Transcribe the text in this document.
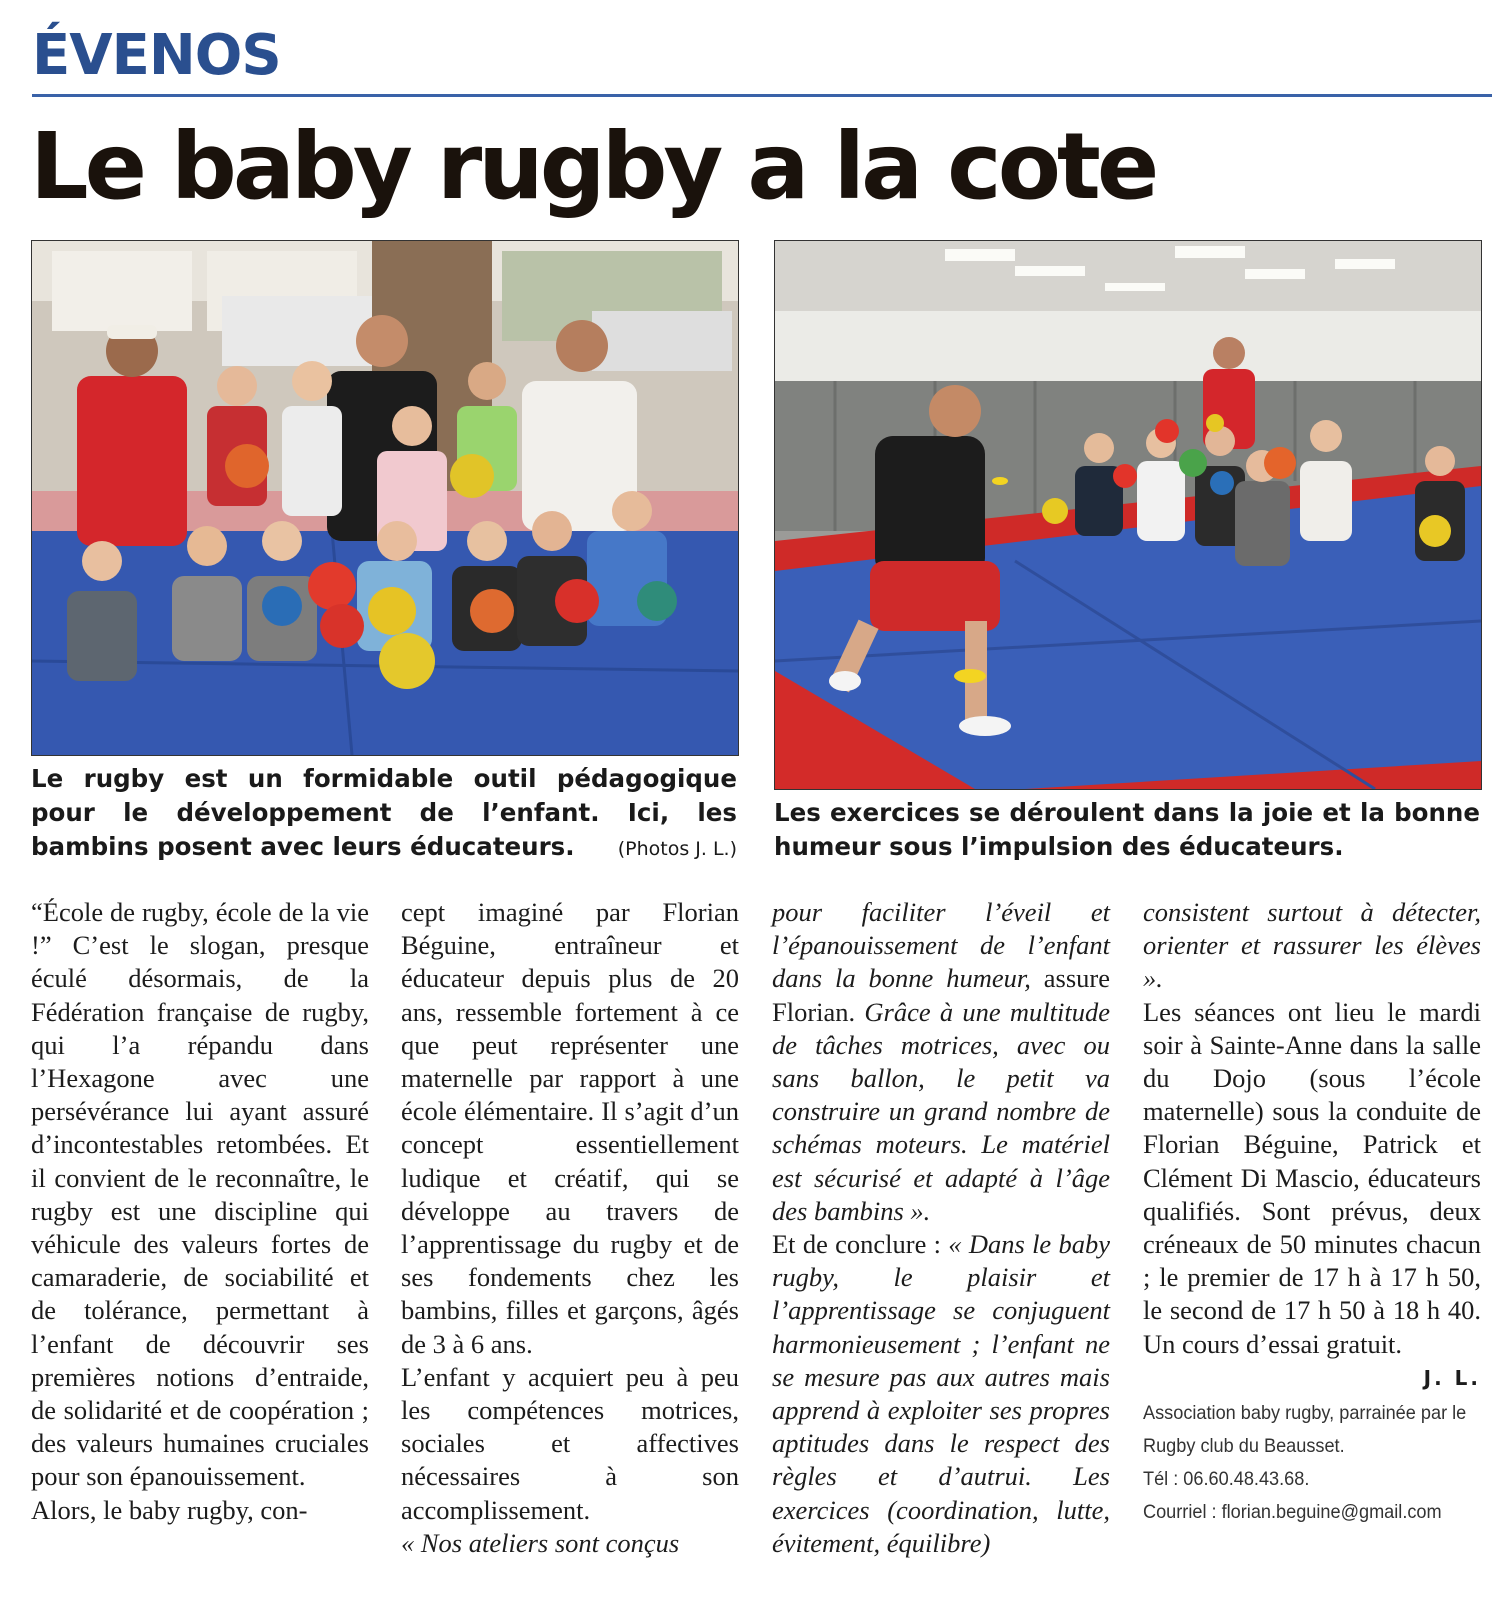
ÉVENOS
Le baby rugby a la cote
Le rugby est un formidable outil pédagogique pour le développement de l’enfant. Ici, les bambins posent avec leurs éducateurs. (Photos J. L.)
Les exercices se déroulent dans la joie et la bonne humeur sous l’impulsion des éducateurs.

“École de rugby, école de la vie !” C’est le slogan, presque éculé désormais, de la Fédération française de rugby, qui l’a répandu dans l’Hexagone avec une persévérance lui ayant assuré d’incontestables retombées. Et il convient de le reconnaître, le rugby est une discipline qui véhicule des valeurs fortes de camaraderie, de sociabilité et de tolérance, permettant à l’enfant de découvrir ses premières notions d’entraide, de solidarité et de coopération ; des valeurs humaines cruciales pour son épanouissement.

Alors, le baby rugby, con-

cept imaginé par Florian Béguine, entraîneur et éducateur depuis plus de 20 ans, ressemble fortement à ce que peut représenter une maternelle par rapport à une école élémentaire. Il s’agit d’un concept essentiellement ludique et créatif, qui se développe au travers de l’apprentissage du rugby et de ses fondements chez les bambins, filles et garçons, âgés de 3 à 6 ans.

L’enfant y acquiert peu à peu les compétences motrices, sociales et affectives nécessaires à son accomplissement.

« Nos ateliers sont conçus

pour faciliter l’éveil et l’épanouissement de l’enfant dans la bonne humeur, assure Florian. Grâce à une multitude de tâches motrices, avec ou sans ballon, le petit va construire un grand nombre de schémas moteurs. Le matériel est sécurisé et adapté à l’âge des bambins ».

Et de conclure : « Dans le baby rugby, le plaisir et l’apprentissage se conjuguent harmonieusement ; l’enfant ne se mesure pas aux autres mais apprend à exploiter ses propres aptitudes dans le respect des règles et d’autrui. Les exercices (coordination, lutte, évitement, équilibre)

consistent surtout à détecter, orienter et rassurer les élèves ».

Les séances ont lieu le mardi soir à Sainte-Anne dans la salle du Dojo (sous l’école maternelle) sous la conduite de Florian Béguine, Patrick et Clément Di Mascio, éducateurs qualifiés. Sont prévus, deux créneaux de 50 minutes chacun ; le premier de 17 h à 17 h 50, le second de 17 h 50 à 18 h 40. Un cours d’essai gratuit.

J. L.
Association baby rugby, parrainée par le
Rugby club du Beausset.
Tél : 06.60.48.43.68.
Courriel : florian.beguine@gmail.com
